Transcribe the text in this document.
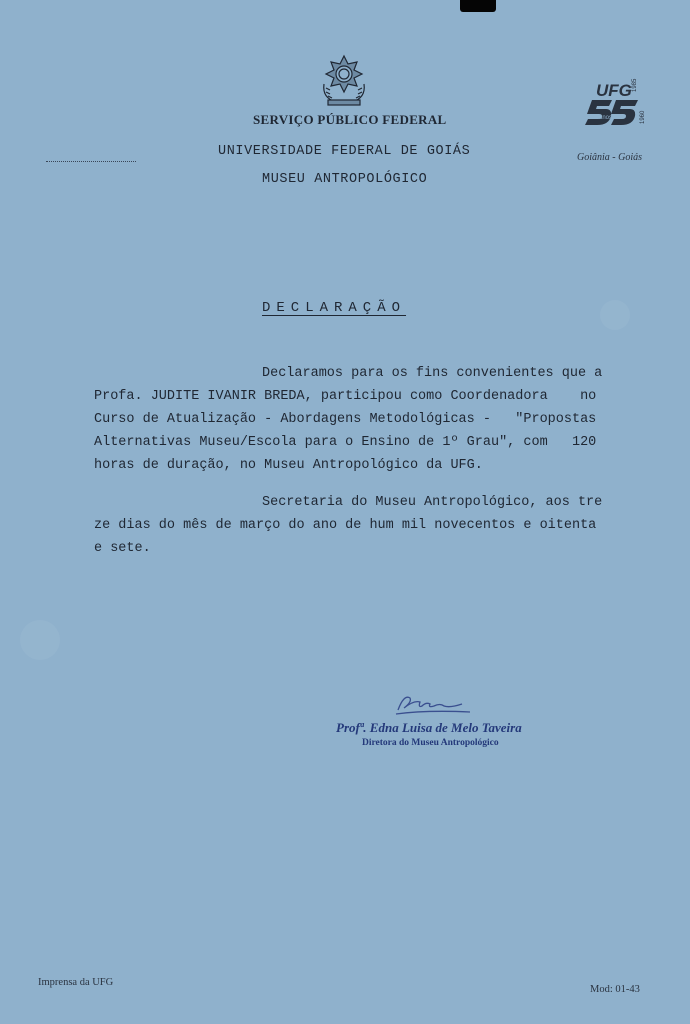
SERVIÇO PÚBLICO FEDERAL
UNIVERSIDADE FEDERAL DE GOIÁS
MUSEU ANTROPOLÓGICO
UFG 1985
anos	1960
Goiânia - Goiás
DECLARAÇÃO
Declaramos para os fins convenientes que a
Profa. JUDITE IVANIR BREDA, participou como Coordenadora    no
Curso de Atualização - Abordagens Metodológicas -   "Propostas
Alternativas Museu/Escola para o Ensino de 1º Grau", com   120
horas de duração, no Museu Antropológico da UFG.
Secretaria do Museu Antropológico, aos tre
ze dias do mês de março do ano de hum mil novecentos e oitenta
e sete.
Profª. Edna Luisa de Melo Taveira
Diretora do Museu Antropológico
Imprensa da UFG
Mod: 01-43
